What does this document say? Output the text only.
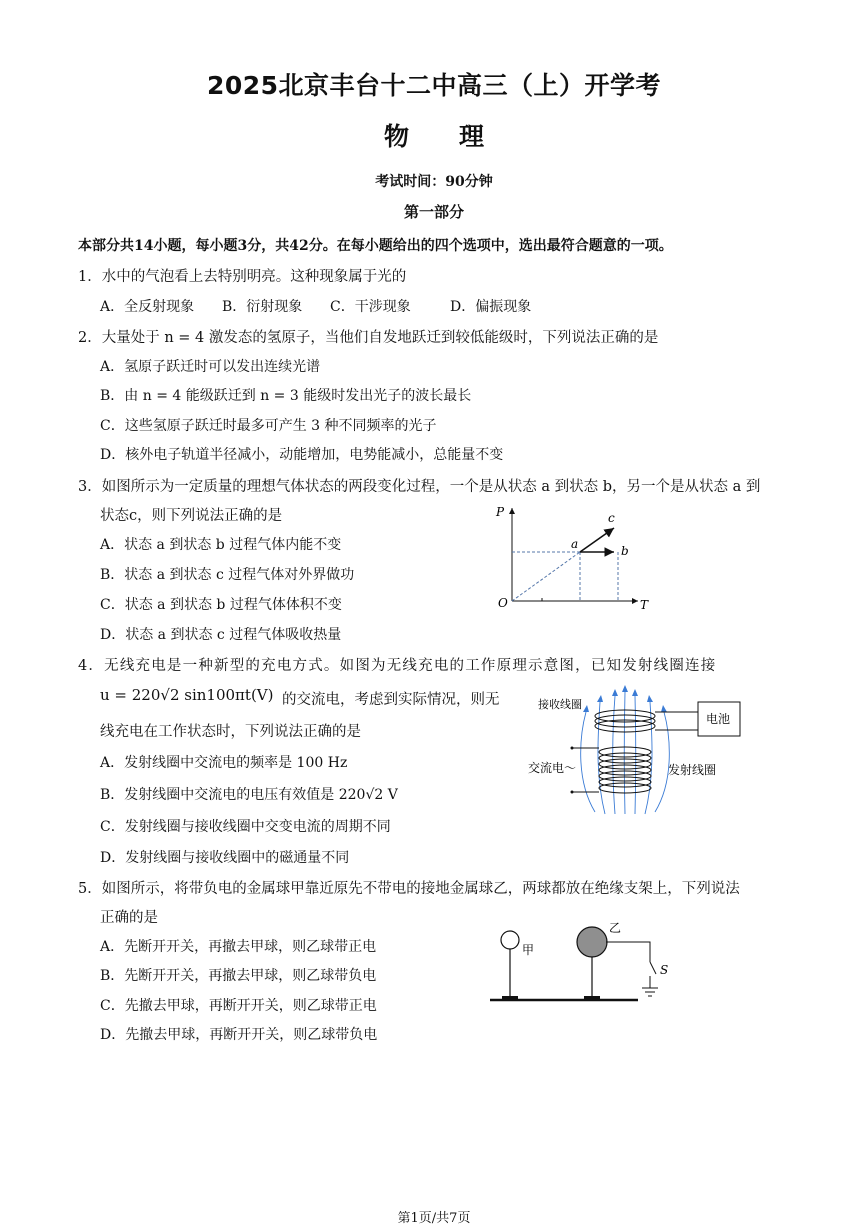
2025北京丰台十二中高三（上）开学考
物 理
考试时间：90分钟
第一部分
本部分共14小题，每小题3分，共42分。在每小题给出的四个选项中，选出最符合题意的一项。
1．水中的气泡看上去特别明亮。这种现象属于光的
A．全反射现象 B．衍射现象 C．干涉现象	D．偏振现象
2．大量处于 n = 4 激发态的氢原子，当他们自发地跃迁到较低能级时，下列说法正确的是
A．氢原子跃迁时可以发出连续光谱
B．由 n = 4 能级跃迁到 n = 3 能级时发出光子的波长最长
C．这些氢原子跃迁时最多可产生 3 种不同频率的光子
D．核外电子轨道半径减小，动能增加，电势能减小，总能量不变
3．如图所示为一定质量的理想气体状态的两段变化过程，一个是从状态 a 到状态 b，另一个是从状态 a 到
状态c，则下列说法正确的是
A．状态 a 到状态 b 过程气体内能不变
B．状态 a 到状态 c 过程气体对外界做功
C．状态 a 到状态 b 过程气体体积不变
D．状态 a 到状态 c 过程气体吸收热量
P
T
O
a	b
c
4．无线充电是一种新型的充电方式。如图为无线充电的工作原理示意图，已知发射线圈连接
u = 220√2 sin100πt(V) 的交流电，考虑到实际情况，则无
线充电在工作状态时，下列说法正确的是
A．发射线圈中交流电的频率是 100 Hz
B．发射线圈中交流电的电压有效值是 220√2 V
C．发射线圈与接收线圈中交变电流的周期不同
D．发射线圈与接收线圈中的磁通量不同
接收线圈
电池
交流电～	发射线圈
5．如图所示，将带负电的金属球甲靠近原先不带电的接地金属球乙，两球都放在绝缘支架上，下列说法
正确的是
A．先断开开关，再撤去甲球，则乙球带正电
B．先断开开关，再撤去甲球，则乙球带负电
C．先撤去甲球，再断开开关，则乙球带正电
D．先撤去甲球，再断开开关，则乙球带负电
甲
乙
S
第1页/共7页
